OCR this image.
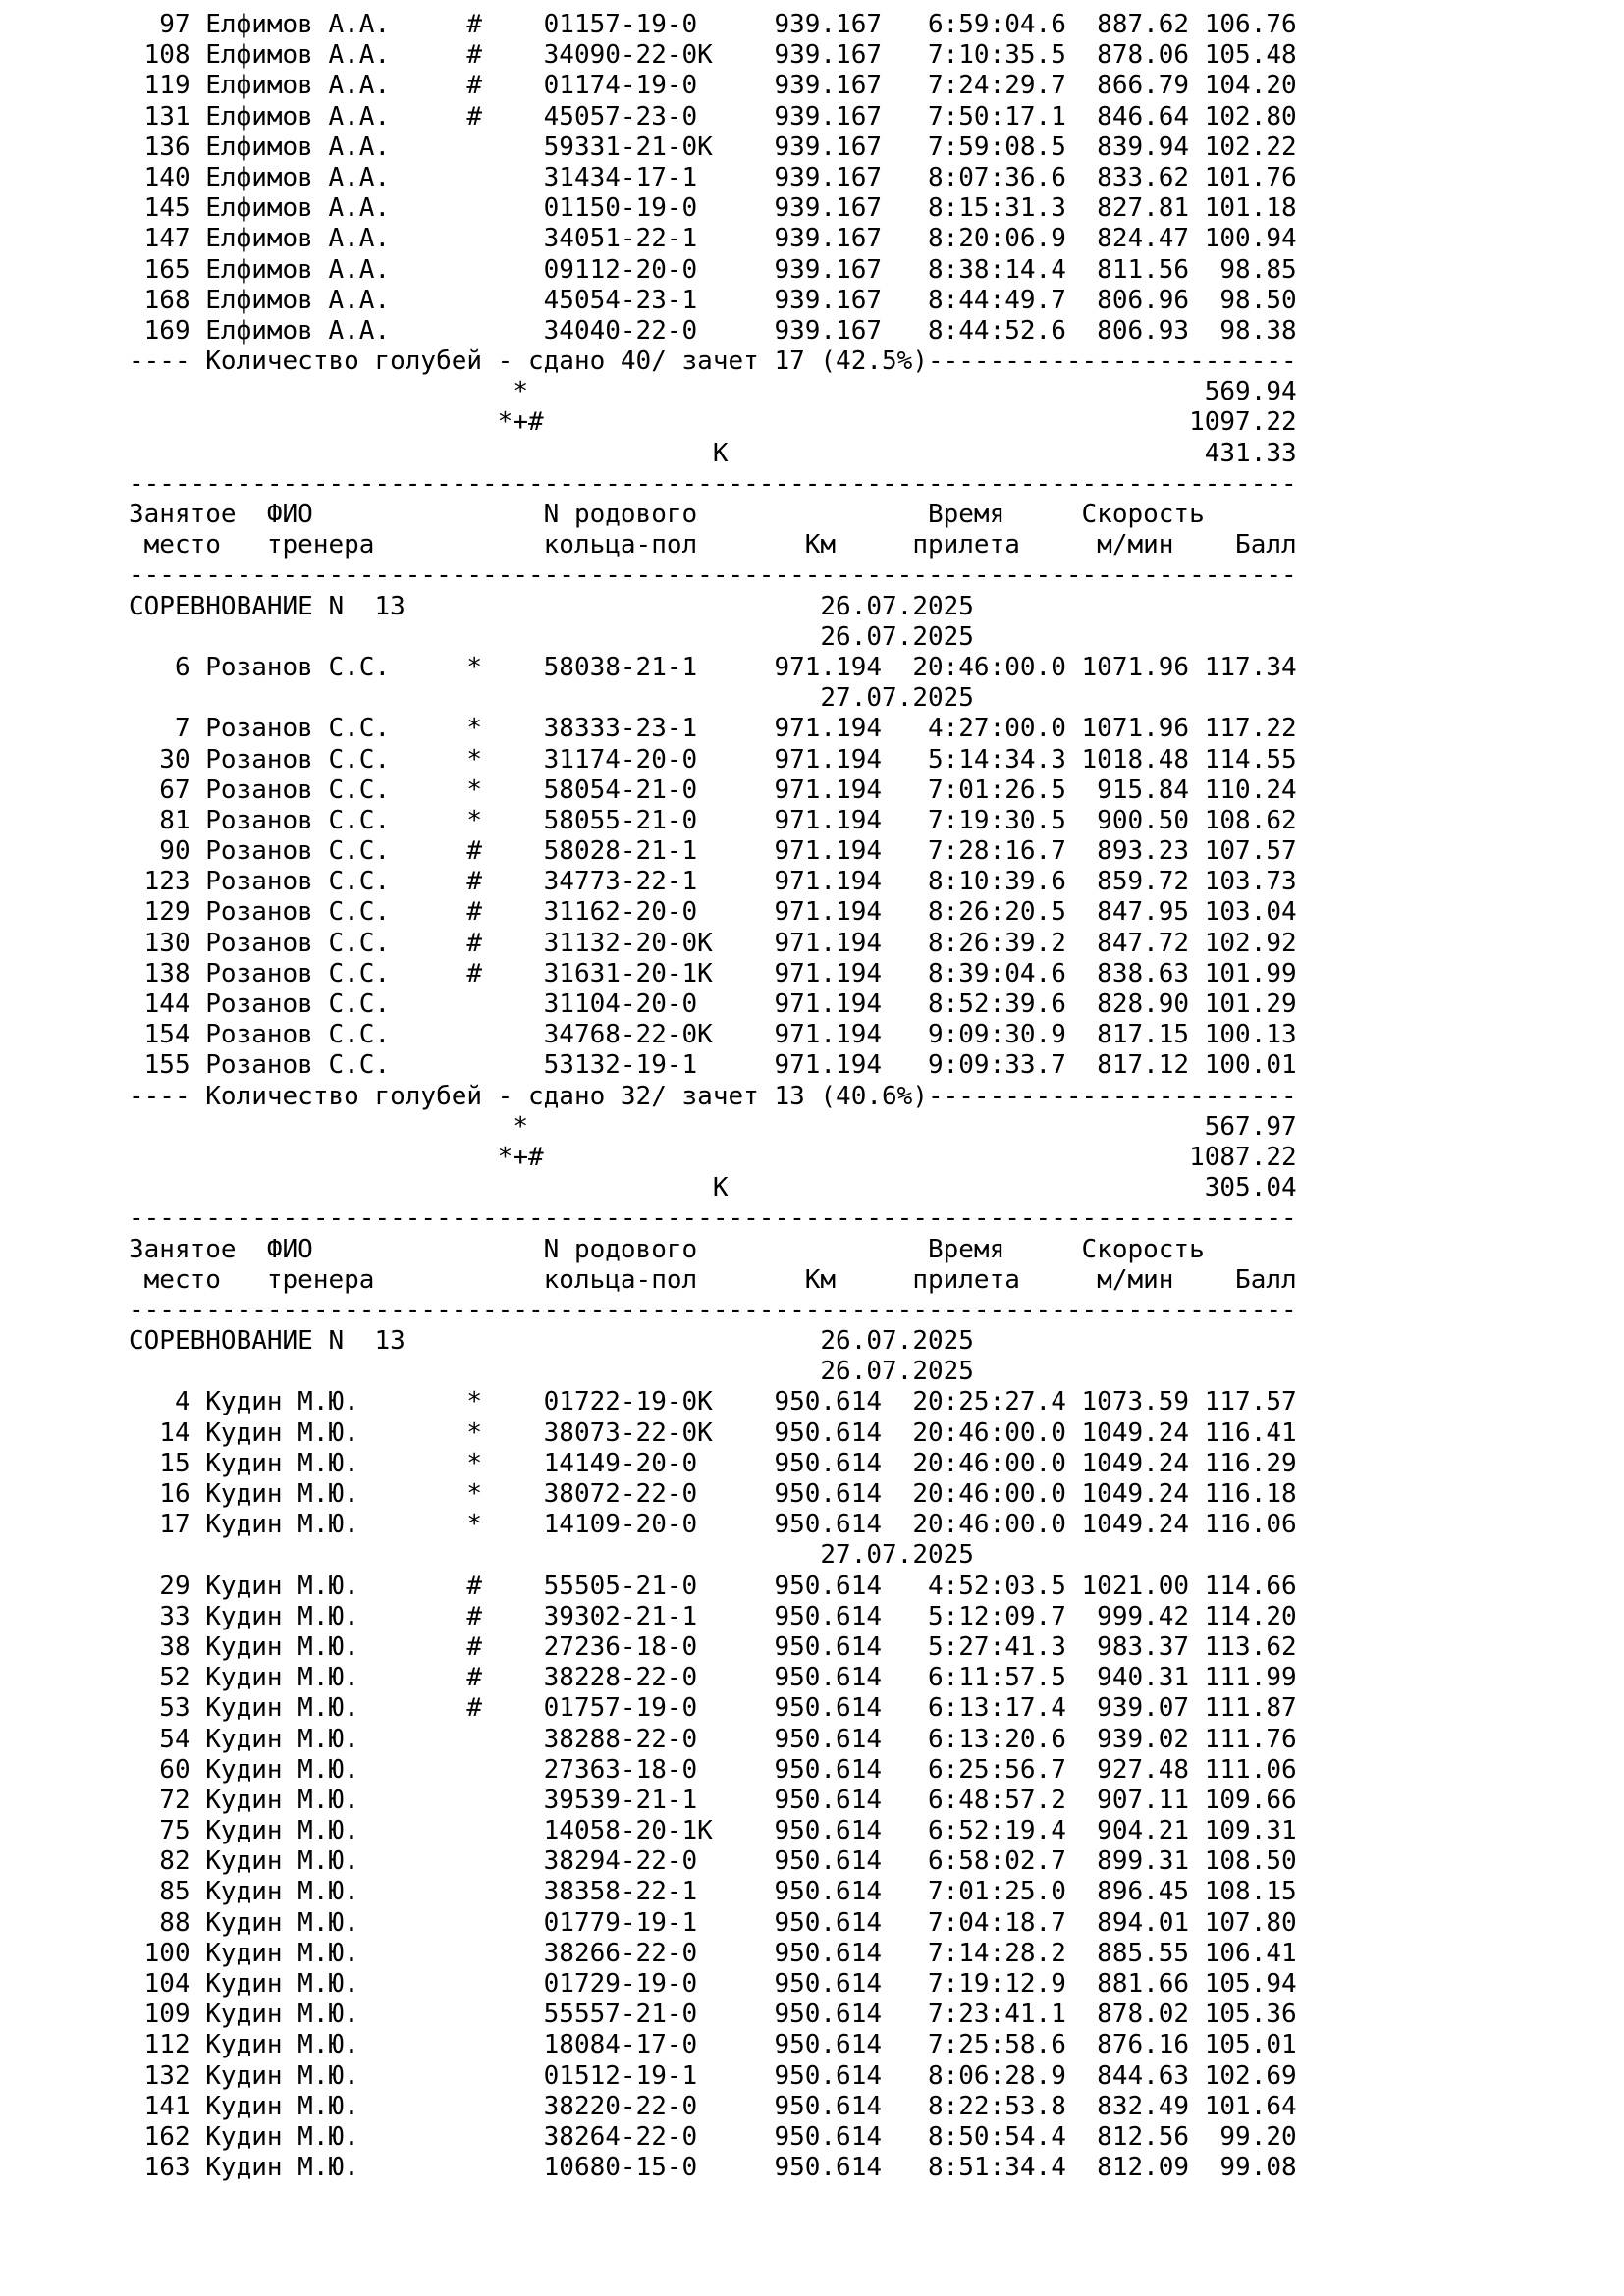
97 Елфимов А.А.     #    01157-19-0     939.167   6:59:04.6  887.62 106.76
108 Елфимов А.А.     #    34090-22-0К    939.167   7:10:35.5  878.06 105.48
119 Елфимов А.А.     #    01174-19-0     939.167   7:24:29.7  866.79 104.20
131 Елфимов А.А.     #    45057-23-0     939.167   7:50:17.1  846.64 102.80
136 Елфимов А.А.          59331-21-0К    939.167   7:59:08.5  839.94 102.22
140 Елфимов А.А.          31434-17-1     939.167   8:07:36.6  833.62 101.76
145 Елфимов А.А.          01150-19-0     939.167   8:15:31.3  827.81 101.18
147 Елфимов А.А.          34051-22-1     939.167   8:20:06.9  824.47 100.94
165 Елфимов А.А.          09112-20-0     939.167   8:38:14.4  811.56  98.85
168 Елфимов А.А.          45054-23-1     939.167   8:44:49.7  806.96  98.50
169 Елфимов А.А.          34040-22-0     939.167   8:44:52.6  806.93  98.38
---- Количество голубей - сдано 40/ зачет 17 (42.5%)------------------------
*                                            569.94
*+#                                          1097.22
К                               431.33
----------------------------------------------------------------------------
Занятое  ФИО               N родового               Время     Скорость
место   тренера           кольца-пол       Км     прилета     м/мин    Балл
----------------------------------------------------------------------------
СОРЕВНОВАНИЕ N  13                           26.07.2025
26.07.2025
6 Розанов С.С.     *    58038-21-1     971.194  20:46:00.0 1071.96 117.34
27.07.2025
7 Розанов С.С.     *    38333-23-1     971.194   4:27:00.0 1071.96 117.22
30 Розанов С.С.     *    31174-20-0     971.194   5:14:34.3 1018.48 114.55
67 Розанов С.С.     *    58054-21-0     971.194   7:01:26.5  915.84 110.24
81 Розанов С.С.     *    58055-21-0     971.194   7:19:30.5  900.50 108.62
90 Розанов С.С.     #    58028-21-1     971.194   7:28:16.7  893.23 107.57
123 Розанов С.С.     #    34773-22-1     971.194   8:10:39.6  859.72 103.73
129 Розанов С.С.     #    31162-20-0     971.194   8:26:20.5  847.95 103.04
130 Розанов С.С.     #    31132-20-0К    971.194   8:26:39.2  847.72 102.92
138 Розанов С.С.     #    31631-20-1К    971.194   8:39:04.6  838.63 101.99
144 Розанов С.С.          31104-20-0     971.194   8:52:39.6  828.90 101.29
154 Розанов С.С.          34768-22-0К    971.194   9:09:30.9  817.15 100.13
155 Розанов С.С.          53132-19-1     971.194   9:09:33.7  817.12 100.01
---- Количество голубей - сдано 32/ зачет 13 (40.6%)------------------------
*                                            567.97
*+#                                          1087.22
К                               305.04
----------------------------------------------------------------------------
Занятое  ФИО               N родового               Время     Скорость
место   тренера           кольца-пол       Км     прилета     м/мин    Балл
----------------------------------------------------------------------------
СОРЕВНОВАНИЕ N  13                           26.07.2025
26.07.2025
4 Кудин М.Ю.       *    01722-19-0К    950.614  20:25:27.4 1073.59 117.57
14 Кудин М.Ю.       *    38073-22-0К    950.614  20:46:00.0 1049.24 116.41
15 Кудин М.Ю.       *    14149-20-0     950.614  20:46:00.0 1049.24 116.29
16 Кудин М.Ю.       *    38072-22-0     950.614  20:46:00.0 1049.24 116.18
17 Кудин М.Ю.       *    14109-20-0     950.614  20:46:00.0 1049.24 116.06
27.07.2025
29 Кудин М.Ю.       #    55505-21-0     950.614   4:52:03.5 1021.00 114.66
33 Кудин М.Ю.       #    39302-21-1     950.614   5:12:09.7  999.42 114.20
38 Кудин М.Ю.       #    27236-18-0     950.614   5:27:41.3  983.37 113.62
52 Кудин М.Ю.       #    38228-22-0     950.614   6:11:57.5  940.31 111.99
53 Кудин М.Ю.       #    01757-19-0     950.614   6:13:17.4  939.07 111.87
54 Кудин М.Ю.            38288-22-0     950.614   6:13:20.6  939.02 111.76
60 Кудин М.Ю.            27363-18-0     950.614   6:25:56.7  927.48 111.06
72 Кудин М.Ю.            39539-21-1     950.614   6:48:57.2  907.11 109.66
75 Кудин М.Ю.            14058-20-1К    950.614   6:52:19.4  904.21 109.31
82 Кудин М.Ю.            38294-22-0     950.614   6:58:02.7  899.31 108.50
85 Кудин М.Ю.            38358-22-1     950.614   7:01:25.0  896.45 108.15
88 Кудин М.Ю.            01779-19-1     950.614   7:04:18.7  894.01 107.80
100 Кудин М.Ю.            38266-22-0     950.614   7:14:28.2  885.55 106.41
104 Кудин М.Ю.            01729-19-0     950.614   7:19:12.9  881.66 105.94
109 Кудин М.Ю.            55557-21-0     950.614   7:23:41.1  878.02 105.36
112 Кудин М.Ю.            18084-17-0     950.614   7:25:58.6  876.16 105.01
132 Кудин М.Ю.            01512-19-1     950.614   8:06:28.9  844.63 102.69
141 Кудин М.Ю.            38220-22-0     950.614   8:22:53.8  832.49 101.64
162 Кудин М.Ю.            38264-22-0     950.614   8:50:54.4  812.56  99.20
163 Кудин М.Ю.            10680-15-0     950.614   8:51:34.4  812.09  99.08
